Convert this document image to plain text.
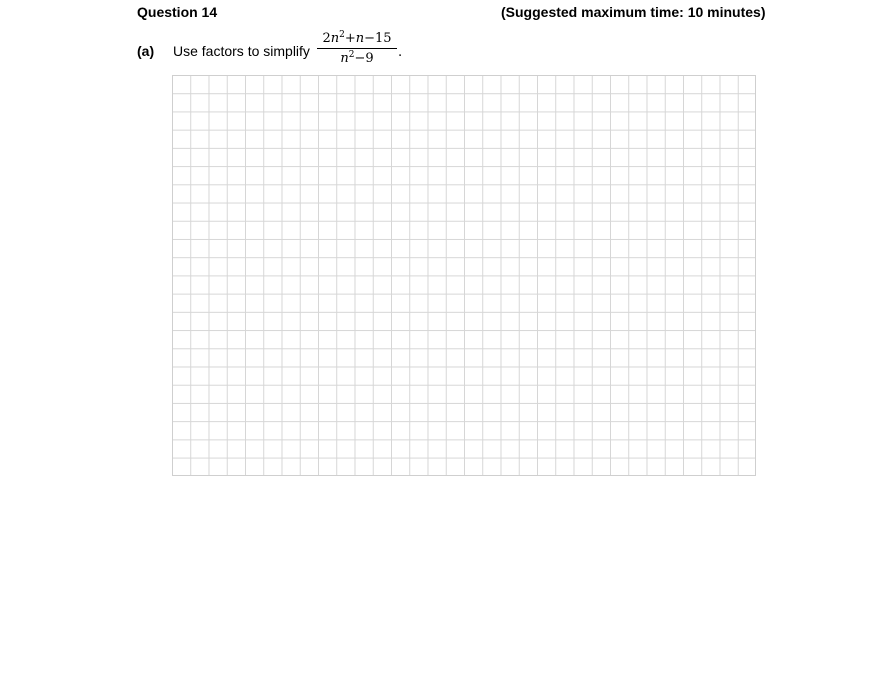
Question 14	(Suggested maximum time: 10 minutes)
(a) Use factors to simplify
$2n^2+n-15$
$n^2-9$	.
